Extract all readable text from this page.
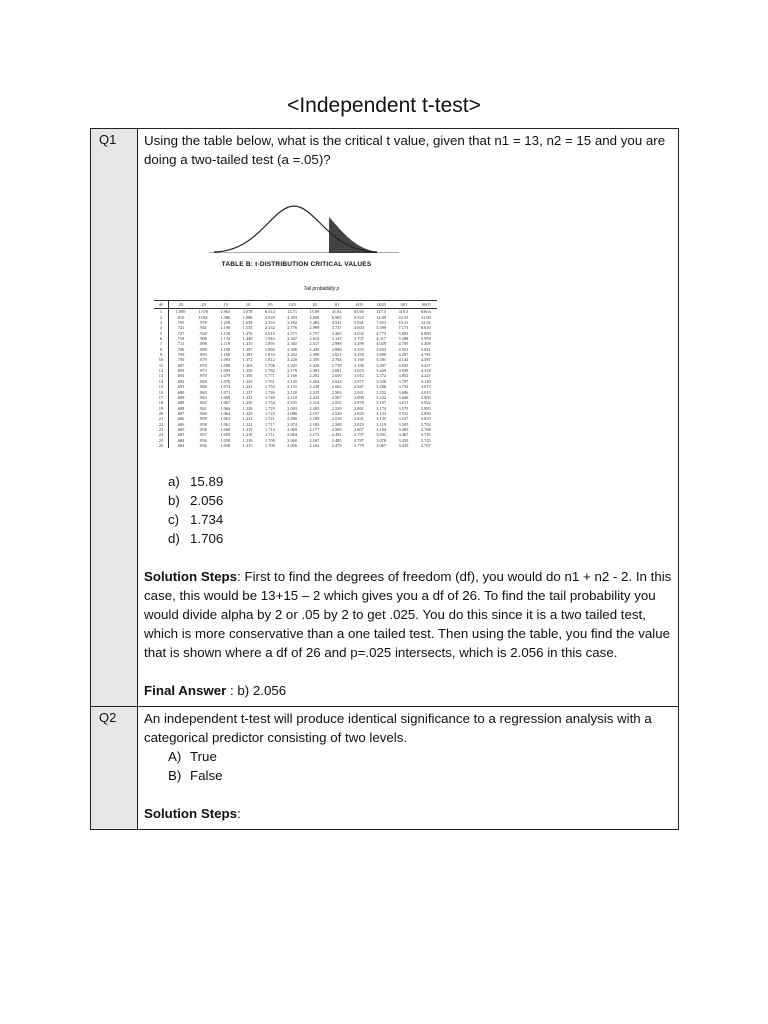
<Independent t-test>
Q1	Using the table below, what is the critical t value, given that n1 = 13, n2 = 15 and you are doing a two-tailed test (a =.05)?

TABLE B: t-DISTRIBUTION CRITICAL VALUES
Tail probability p
df	.25	.20	.15	.10	.05	.025	.02	.01	.005	.0025	.001	.0005
1	1.000	1.376	1.963	3.078	6.314	12.71	15.89	31.82	63.66	127.3	318.3	636.6
2	.816	1.061	1.386	1.886	2.920	4.303	4.849	6.965	9.925	14.09	22.33	31.60
3	.765	.978	1.250	1.638	2.353	3.182	3.482	4.541	5.841	7.453	10.21	12.92
4	.741	.941	1.190	1.533	2.132	2.776	2.999	3.747	4.604	5.598	7.173	8.610
5	.727	.920	1.156	1.476	2.015	2.571	2.757	3.365	4.032	4.773	5.893	6.869
6	.718	.906	1.134	1.440	1.943	2.447	2.612	3.143	3.707	4.317	5.208	5.959
7	.711	.896	1.119	1.415	1.895	2.365	2.517	2.998	3.499	4.029	4.785	5.408
8	.706	.889	1.108	1.397	1.860	2.306	2.449	2.896	3.355	3.833	4.501	5.041
9	.703	.883	1.100	1.383	1.833	2.262	2.398	2.821	3.250	3.690	4.297	4.781
10	.700	.879	1.093	1.372	1.812	2.228	2.359	2.764	3.169	3.581	4.144	4.587
11	.697	.876	1.088	1.363	1.796	2.201	2.328	2.718	3.106	3.497	4.025	4.437
12	.695	.873	1.083	1.356	1.782	2.179	2.303	2.681	3.055	3.428	3.930	4.318
13	.694	.870	1.079	1.350	1.771	2.160	2.282	2.650	3.012	3.372	3.852	4.221
14	.692	.868	1.076	1.345	1.761	2.145	2.264	2.624	2.977	3.326	3.787	4.140
15	.691	.866	1.074	1.341	1.753	2.131	2.249	2.602	2.947	3.286	3.733	4.073
16	.690	.865	1.071	1.337	1.746	2.120	2.235	2.583	2.921	3.252	3.686	4.015
17	.689	.863	1.069	1.333	1.740	2.110	2.224	2.567	2.898	3.222	3.646	3.965
18	.688	.862	1.067	1.330	1.734	2.101	2.214	2.552	2.878	3.197	3.611	3.922
19	.688	.861	1.066	1.328	1.729	2.093	2.205	2.539	2.861	3.174	3.579	3.883
20	.687	.860	1.064	1.325	1.725	2.086	2.197	2.528	2.845	3.153	3.552	3.850
21	.686	.859	1.063	1.323	1.721	2.080	2.189	2.518	2.831	3.135	3.527	3.819
22	.686	.858	1.061	1.321	1.717	2.074	2.183	2.508	2.819	3.119	3.505	3.792
23	.685	.858	1.060	1.319	1.714	2.069	2.177	2.500	2.807	3.104	3.485	3.768
24	.685	.857	1.059	1.318	1.711	2.064	2.172	2.492	2.797	3.091	3.467	3.745
25	.684	.856	1.058	1.316	1.708	2.060	2.167	2.485	2.787	3.078	3.450	3.725
26	.684	.856	1.058	1.315	1.706	2.056	2.162	2.479	2.779	3.067	3.435	3.707
a) 15.89
b) 2.056
c) 1.734
d) 1.706

Solution Steps: First to find the degrees of freedom (df), you would do n1 + n2 - 2. In this case, this would be 13+15 – 2 which gives you a df of 26. To find the tail probability you would divide alpha by 2 or .05 by 2 to get .025. You do this since it is a two tailed test, which is more conservative than a one tailed test. Then using the table, you find the value that is shown where a df of 26 and p=.025 intersects, which is 2.056 in this case.

Final Answer : b) 2.056

Q2	An independent t-test will produce identical significance to a regression analysis with a categorical predictor consisting of two levels.

A) True
B) False

Solution Steps:
